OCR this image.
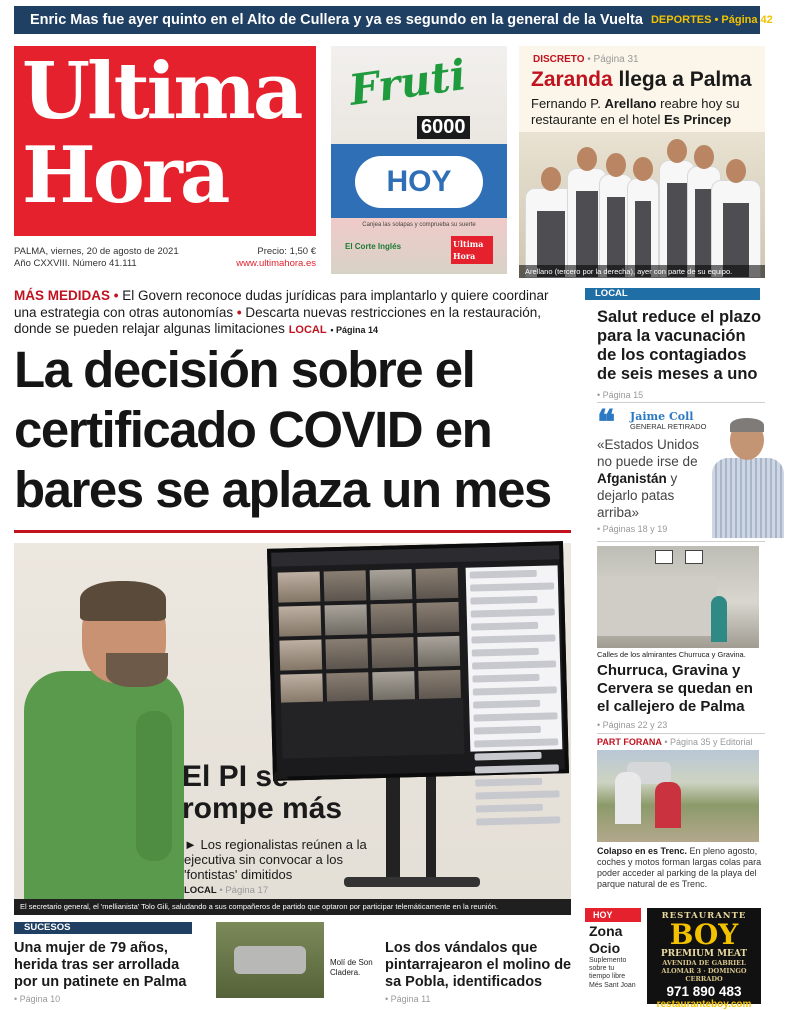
Enric Mas fue ayer quinto en el Alto de Cullera y ya es segundo en la general de la Vuelta DEPORTES • Página 42
Ultima
Hora
PALMA, viernes, 20 de agosto de 2021	Precio: 1,50 €
Año CXXVIII. Número 41.111	www.ultimahora.es
Fruti
6000
HOY
Canjea las solapas y comprueba su suerte
El Corte Inglés	Ultima Hora
DISCRETO • Página 31
Zaranda llega a Palma
Fernando P. Arellano reabre hoy su restaurante en el hotel Es Princep
Arellano (tercero por la derecha), ayer con parte de su equipo.
MÁS MEDIDAS • El Govern reconoce dudas jurídicas para implantarlo y quiere coordinar una estrategia con otras autonomías • Descarta nuevas restricciones en la restauración, donde se pueden relajar algunas limitaciones LOCAL • Página 14
La decisión sobre el
certificado COVID en
bares se aplaza un mes
El PI se
rompe más
► Los regionalistas reúnen a la ejecutiva sin convocar a los 'fontistas' dimitidos
LOCAL • Página 17
El secretario general, el 'mellianista' Tolo Gili, saludando a sus compañeros de partido que optaron por participar telemáticamente en la reunión.
LOCAL
Salut reduce el plazo para la vacunación de los contagiados de seis meses a uno
• Página 15
❝ Jaime Coll
GENERAL RETIRADO
«Estados Unidos no puede irse de Afganistán y dejarlo patas arriba»
• Páginas 18 y 19
Calles de los almirantes Churruca y Gravina.
Churruca, Gravina y Cervera se quedan en el callejero de Palma
• Páginas 22 y 23
PART FORANA • Página 35 y Editorial
Colapso en es Trenc. En pleno agosto, coches y motos forman largas colas para poder acceder al parking de la playa del parque natural de es Trenc.
SUCESOS
Una mujer de 79 años, herida tras ser arrollada por un patinete en Palma
• Página 10
Molí de Son Cladera.
Los dos vándalos que pintarrajearon el molino de sa Pobla, identificados
• Página 11
HOY
Zona
Ocio
Suplemento sobre tu tiempo libre
Més Sant Joan
RESTAURANTE
BOY
PREMIUM MEAT
AVENIDA DE GABRIEL ALOMAR 3 · DOMINGO CERRADO
971 890 483
restauranteboy.com
